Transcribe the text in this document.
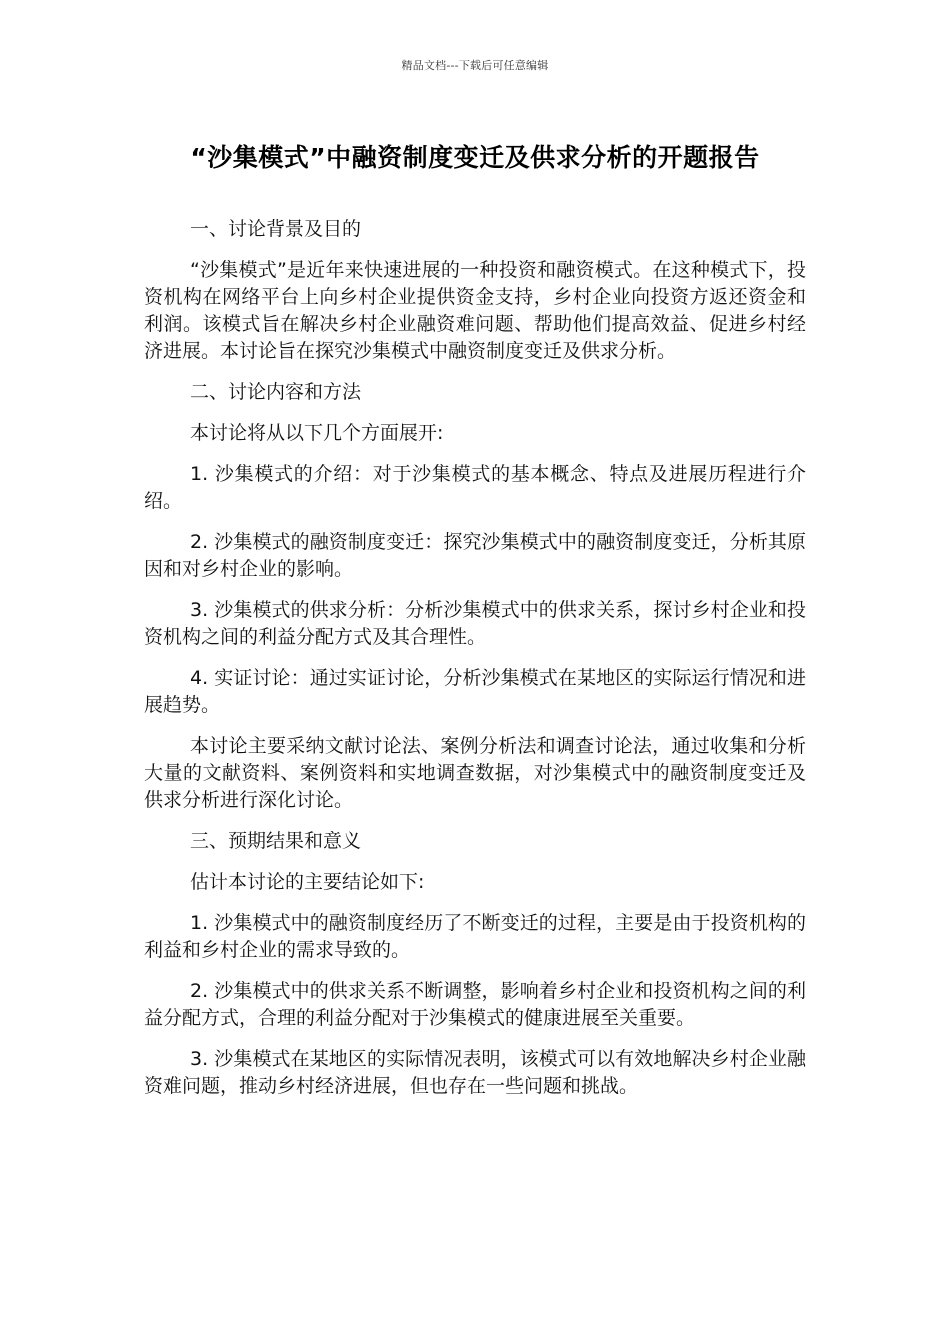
精品文档---下载后可任意编辑
“沙集模式”中融资制度变迁及供求分析的开题报告

一、讨论背景及目的

“沙集模式”是近年来快速进展的一种投资和融资模式。在这种模式下，投资机构在网络平台上向乡村企业提供资金支持，乡村企业向投资方返还资金和利润。该模式旨在解决乡村企业融资难问题、帮助他们提高效益、促进乡村经济进展。本讨论旨在探究沙集模式中融资制度变迁及供求分析。

二、讨论内容和方法

本讨论将从以下几个方面展开:

1. 沙集模式的介绍：对于沙集模式的基本概念、特点及进展历程进行介绍。

2. 沙集模式的融资制度变迁：探究沙集模式中的融资制度变迁，分析其原因和对乡村企业的影响。

3. 沙集模式的供求分析：分析沙集模式中的供求关系，探讨乡村企业和投资机构之间的利益分配方式及其合理性。

4. 实证讨论：通过实证讨论，分析沙集模式在某地区的实际运行情况和进展趋势。

本讨论主要采纳文献讨论法、案例分析法和调查讨论法，通过收集和分析大量的文献资料、案例资料和实地调查数据，对沙集模式中的融资制度变迁及供求分析进行深化讨论。

三、预期结果和意义

估计本讨论的主要结论如下:

1. 沙集模式中的融资制度经历了不断变迁的过程，主要是由于投资机构的利益和乡村企业的需求导致的。

2. 沙集模式中的供求关系不断调整，影响着乡村企业和投资机构之间的利益分配方式，合理的利益分配对于沙集模式的健康进展至关重要。

3. 沙集模式在某地区的实际情况表明，该模式可以有效地解决乡村企业融资难问题，推动乡村经济进展，但也存在一些问题和挑战。
